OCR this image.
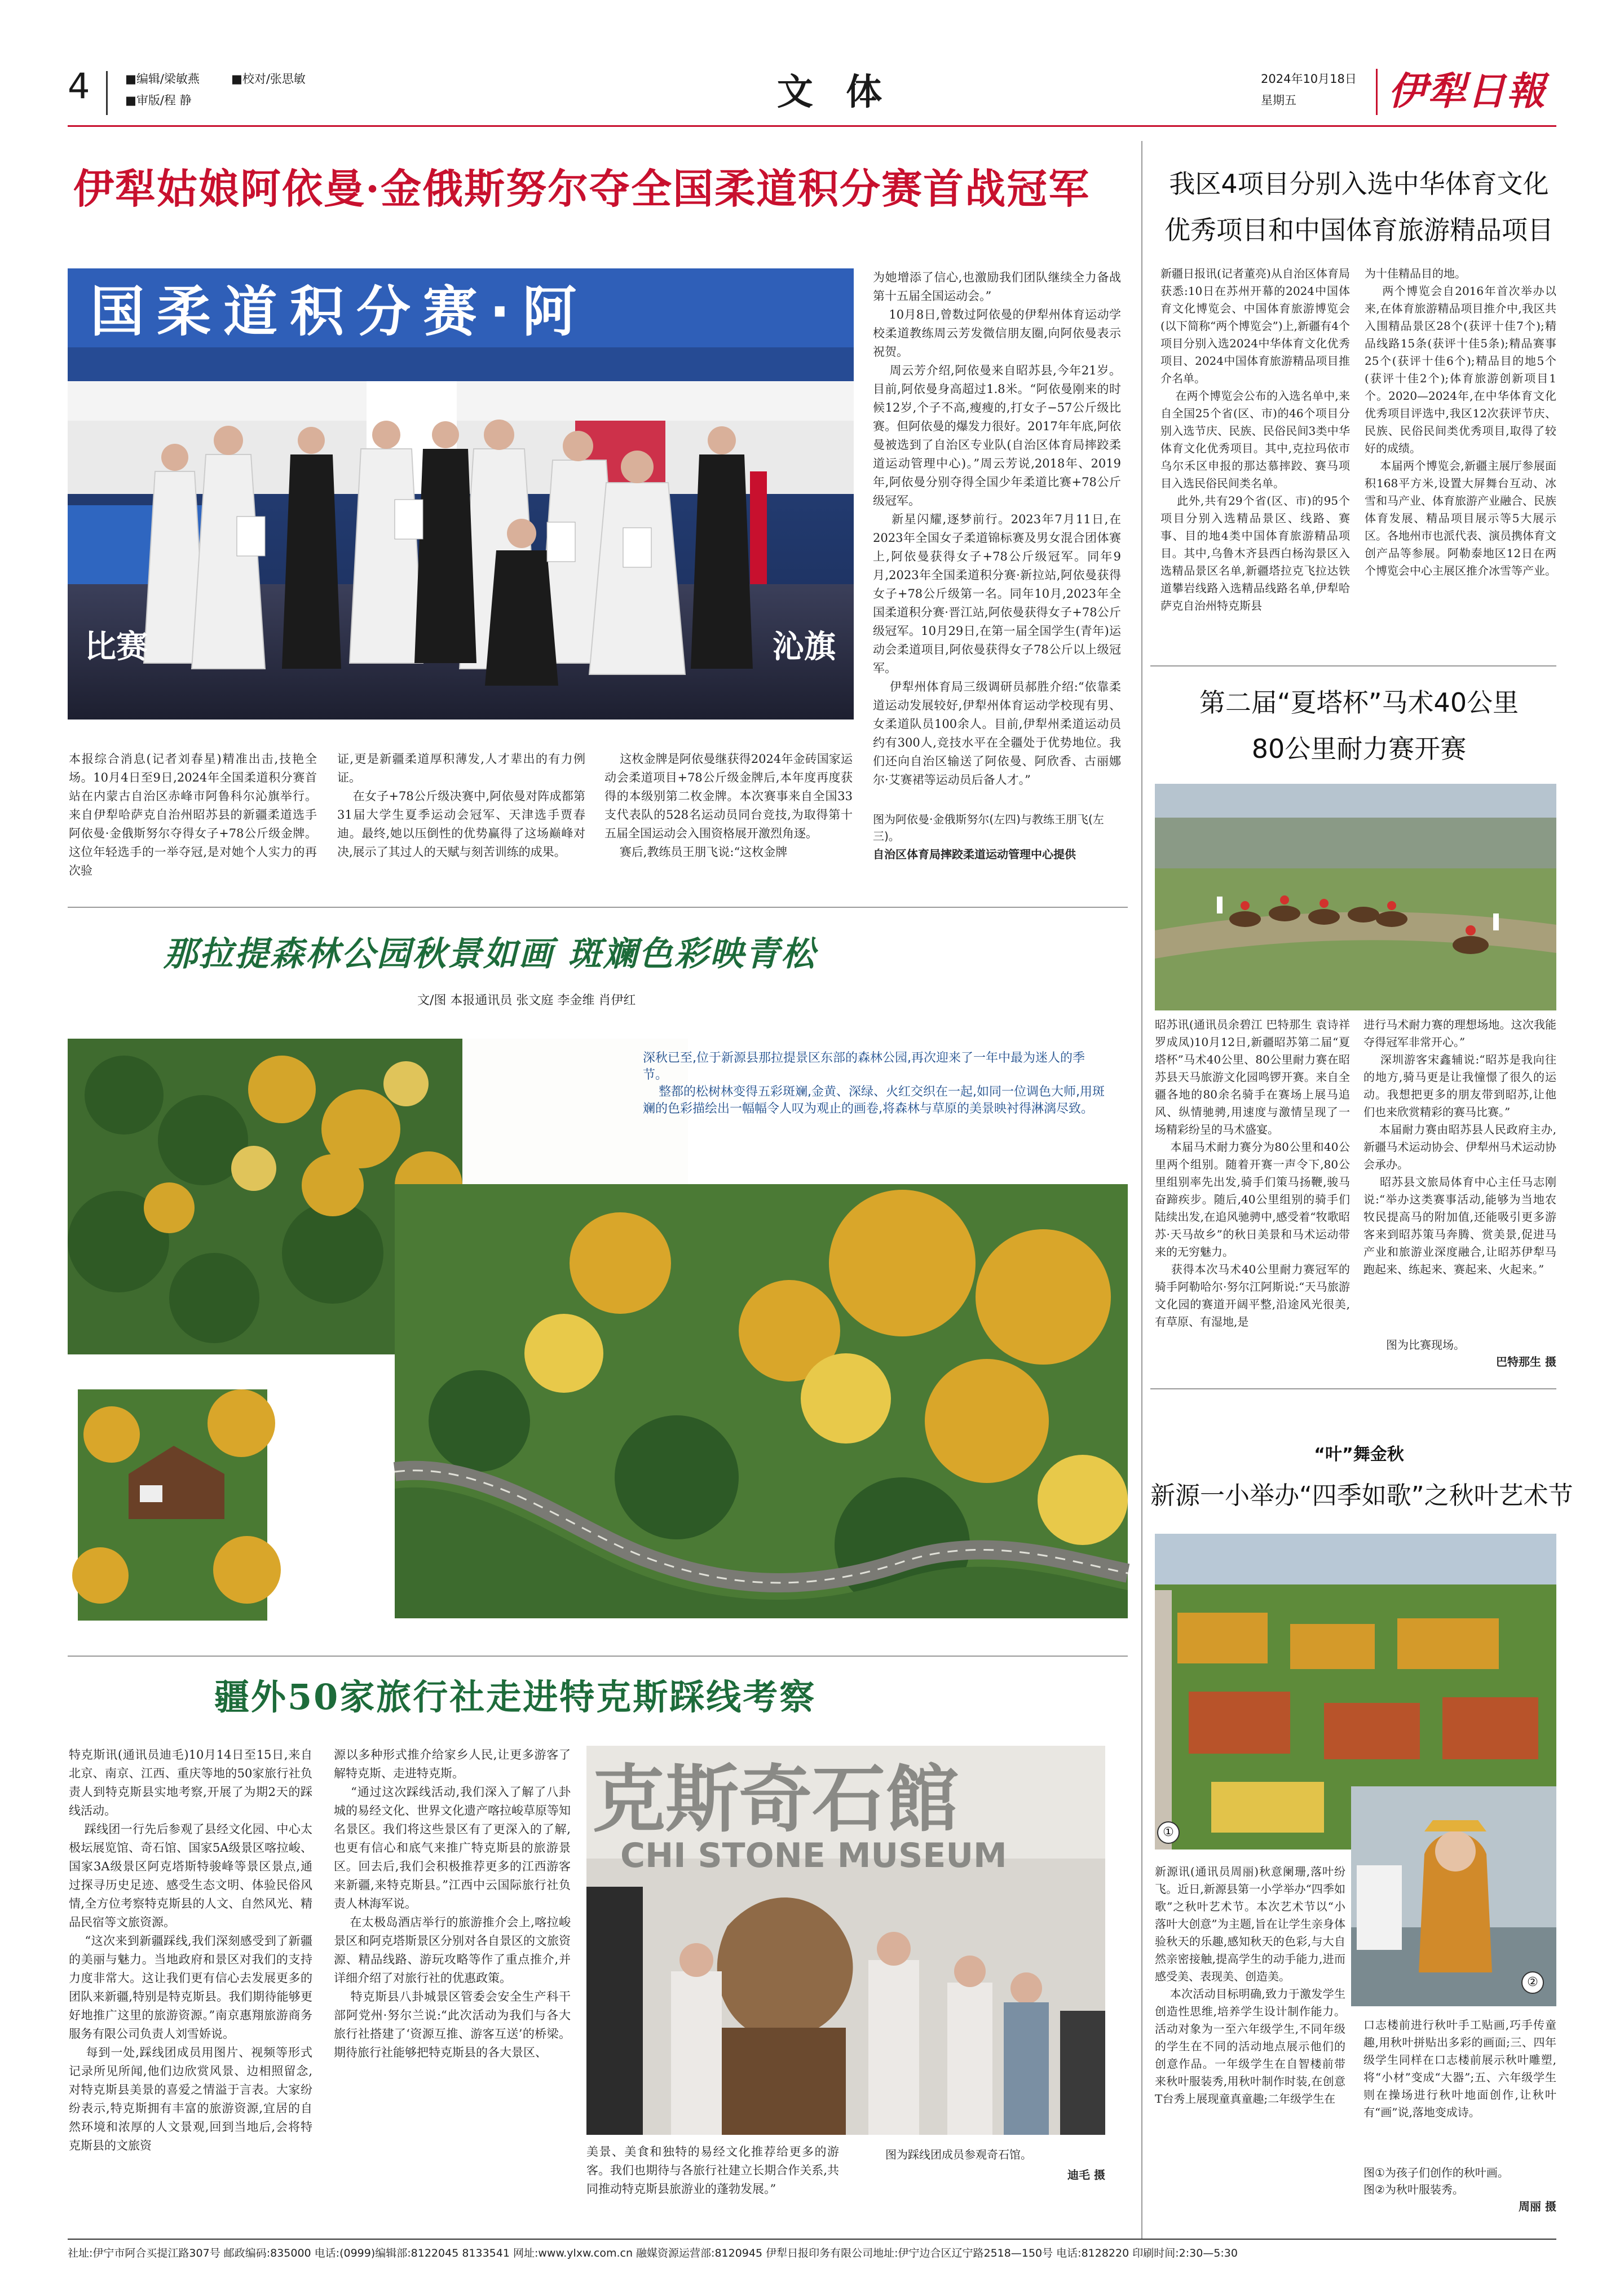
4	■编辑/梁敏燕
■审版/程 静
■校对/张思敏	文 体	2024年10月18日
星期五	伊犁日報
伊犁姑娘阿依曼·金俄斯努尔夺全国柔道积分赛首战冠军
国柔道积分赛·阿
比赛	沁旗
本报综合消息(记者刘春星)精准出击,技艳全场。10月4日至9日,2024年全国柔道积分赛首站在内蒙古自治区赤峰市阿鲁科尔沁旗举行。来自伊犁哈萨克自治州昭苏县的新疆柔道选手阿依曼·金俄斯努尔夺得女子+78公斤级金牌。这位年轻选手的一举夺冠,是对她个人实力的再次验
证,更是新疆柔道厚积薄发,人才辈出的有力例证。
在女子+78公斤级决赛中,阿依曼对阵成都第31届大学生夏季运动会冠军、天津选手贾春迪。最终,她以压倒性的优势赢得了这场巅峰对决,展示了其过人的天赋与刻苦训练的成果。
这枚金牌是阿依曼继获得2024年金砖国家运动会柔道项目+78公斤级金牌后,本年度再度获得的本级别第二枚金牌。本次赛事来自全国33支代表队的528名运动员同台竞技,为取得第十五届全国运动会入围资格展开激烈角逐。
赛后,教练员王朋飞说:“这枚金牌
为她增添了信心,也激励我们团队继续全力备战第十五届全国运动会。”
10月8日,曾数过阿依曼的伊犁州体育运动学校柔道教练周云芳发微信朋友圈,向阿依曼表示祝贺。
周云芳介绍,阿依曼来自昭苏县,今年21岁。目前,阿依曼身高超过1.8米。“阿依曼刚来的时候12岁,个子不高,瘦瘦的,打女子−57公斤级比赛。但阿依曼的爆发力很好。2017年年底,阿依曼被选到了自治区专业队(自治区体育局摔跤柔道运动管理中心)。”周云芳说,2018年、2019年,阿依曼分别夺得全国少年柔道比赛+78公斤级冠军。
新星闪耀,逐梦前行。2023年7月11日,在2023年全国女子柔道锦标赛及男女混合团体赛上,阿依曼获得女子+78公斤级冠军。同年9月,2023年全国柔道积分赛·新拉站,阿依曼获得女子+78公斤级第一名。同年10月,2023年全国柔道积分赛·晋江站,阿依曼获得女子+78公斤级冠军。10月29日,在第一届全国学生(青年)运动会柔道项目,阿依曼获得女子78公斤以上级冠军。
伊犁州体育局三级调研员郝胜介绍:“依靠柔道运动发展较好,伊犁州体育运动学校现有男、女柔道队员100余人。目前,伊犁州柔道运动员约有300人,竞技水平在全疆处于优势地位。我们还向自治区输送了阿依曼、阿欣香、古丽娜尔·艾赛裙等运动员后备人才。”
图为阿依曼·金俄斯努尔(左四)与教练王朋飞(左三)。
自治区体育局摔跤柔道运动管理中心提供
我区4项目分别入选中华体育文化
优秀项目和中国体育旅游精品项目
新疆日报讯(记者董亮)从自治区体育局获悉:10日在苏州开幕的2024中国体育文化博览会、中国体育旅游博览会(以下简称“两个博览会”)上,新疆有4个项目分别入选2024中华体育文化优秀项目、2024中国体育旅游精品项目推介名单。
在两个博览会公布的入选名单中,来自全国25个省(区、市)的46个项目分别入选节庆、民族、民俗民间3类中华体育文化优秀项目。其中,克拉玛依市乌尔禾区申报的那达慕摔跤、赛马项目入选民俗民间类名单。
此外,共有29个省(区、市)的95个项目分别入选精品景区、线路、赛事、目的地4类中国体育旅游精品项目。其中,乌鲁木齐县西白杨沟景区入选精品景区名单,新疆塔拉克飞拉达铁道攀岩线路入选精品线路名单,伊犁哈萨克自治州特克斯县
为十佳精品目的地。
两个博览会自2016年首次举办以来,在体育旅游精品项目推介中,我区共入围精品景区28个(获评十佳7个);精品线路15条(获评十佳5条);精品赛事25个(获评十佳6个);精品目的地5个(获评十佳2个);体育旅游创新项目1个。2020—2024年,在中华体育文化优秀项目评选中,我区12次获评节庆、民族、民俗民间类优秀项目,取得了较好的成绩。
本届两个博览会,新疆主展厅参展面积168平方米,设置大屏舞台互动、冰雪和马产业、体育旅游产业融合、民族体育发展、精品项目展示等5大展示区。各地州市也派代表、演员携体育文创产品等参展。阿勒泰地区12日在两个博览会中心主展区推介冰雪等产业。
第二届“夏塔杯”马术40公里
80公里耐力赛开赛
昭苏讯(通讯员余碧江 巴特那生 袁诗祥 罗成凤)10月12日,新疆昭苏第二届“夏塔杯”马术40公里、80公里耐力赛在昭苏县天马旅游文化园鸣锣开赛。来自全疆各地的80余名骑手在赛场上展马追风、纵情驰骋,用速度与激情呈现了一场精彩纷呈的马术盛宴。
本届马术耐力赛分为80公里和40公里两个组别。随着开赛一声令下,80公里组别率先出发,骑手们策马扬鞭,骏马奋蹄疾步。随后,40公里组别的骑手们陆续出发,在追风驰骋中,感受着“牧歌昭苏·天马故乡”的秋日美景和马术运动带来的无穷魅力。
获得本次马术40公里耐力赛冠军的骑手阿勒哈尔·努尔江阿斯说:“天马旅游文化园的赛道开阔平整,沿途风光很美,有草原、有湿地,是
进行马术耐力赛的理想场地。这次我能夺得冠军非常开心。”
深圳游客宋鑫辅说:“昭苏是我向往的地方,骑马更是让我憧憬了很久的运动。我想把更多的朋友带到昭苏,让他们也来欣赏精彩的赛马比赛。”
本届耐力赛由昭苏县人民政府主办,新疆马术运动协会、伊犁州马术运动协会承办。
昭苏县文旅局体育中心主任马志刚说:“举办这类赛事活动,能够为当地农牧民提高马的附加值,还能吸引更多游客来到昭苏策马奔腾、赏美景,促进马产业和旅游业深度融合,让昭苏伊犁马跑起来、练起来、赛起来、火起来。”
图为比赛现场。
巴特那生 摄
那拉提森林公园秋景如画 斑斓色彩映青松
文/图 本报通讯员 张文庭 李金维 肖伊红
深秋已至,位于新源县那拉提景区东部的森林公园,再次迎来了一年中最为迷人的季节。
整都的松树林变得五彩斑斓,金黄、深绿、火红交织在一起,如同一位调色大师,用斑斓的色彩描绘出一幅幅令人叹为观止的画卷,将森林与草原的美景映衬得淋漓尽致。
疆外50家旅行社走进特克斯踩线考察
特克斯讯(通讯员迪毛)10月14日至15日,来自北京、南京、江西、重庆等地的50家旅行社负责人到特克斯县实地考察,开展了为期2天的踩线活动。
踩线团一行先后参观了县经文化园、中心太极坛展览馆、奇石馆、国家5A级景区喀拉峻、国家3A级景区阿克塔斯特骏峰等景区景点,通过探寻历史足迹、感受生态文明、体验民俗风情,全方位考察特克斯县的人文、自然风光、精品民宿等文旅资源。
“这次来到新疆踩线,我们深刻感受到了新疆的美丽与魅力。当地政府和景区对我们的支持力度非常大。这让我们更有信心去发展更多的团队来新疆,特别是特克斯县。我们期待能够更好地推广这里的旅游资源。”南京惠翔旅游商务服务有限公司负责人刘雪娇说。
每到一处,踩线团成员用图片、视频等形式记录所见所闻,他们边欣赏风景、边相照留念,对特克斯县美景的喜爱之情溢于言表。大家纷纷表示,特克斯拥有丰富的旅游资源,宜居的自然环境和浓厚的人文景观,回到当地后,会将特克斯县的文旅资
源以多种形式推介给家乡人民,让更多游客了解特克斯、走进特克斯。
“通过这次踩线活动,我们深入了解了八卦城的易经文化、世界文化遗产喀拉峻草原等知名景区。我们将这些景区有了更深入的了解,也更有信心和底气来推广特克斯县的旅游景区。回去后,我们会积极推荐更多的江西游客来新疆,来特克斯县。”江西中云国际旅行社负责人林海军说。
在太极岛酒店举行的旅游推介会上,喀拉峻景区和阿克塔斯景区分别对各自景区的文旅资源、精品线路、游玩攻略等作了重点推介,并详细介绍了对旅行社的优惠政策。
特克斯县八卦城景区管委会安全生产科干部阿党州·努尔兰说:“此次活动为我们与各大旅行社搭建了‘资源互推、游客互送’的桥梁。期待旅行社能够把特克斯县的各大景区、
克斯奇石館
CHI STONE MUSEUM
美景、美食和独特的易经文化推荐给更多的游客。我们也期待与各旅行社建立长期合作关系,共同推动特克斯县旅游业的蓬勃发展。”
图为踩线团成员参观奇石馆。
迪毛 摄
“叶”舞金秋
新源一小举办“四季如歌”之秋叶艺术节
①
②
新源讯(通讯员周丽)秋意阑珊,落叶纷飞。近日,新源县第一小学举办“四季如歌”之秋叶艺术节。本次艺术节以“小落叶大创意”为主题,旨在让学生亲身体验秋天的乐趣,感知秋天的色彩,与大自然亲密接触,提高学生的动手能力,进而感受美、表现美、创造美。
本次活动目标明确,致力于激发学生创造性思维,培养学生设计制作能力。活动对象为一至六年级学生,不同年级的学生在不同的活动地点展示他们的创意作品。一年级学生在自智楼前带来秋叶服装秀,用秋叶制作时装,在创意T台秀上展现童真童趣;二年级学生在
口志楼前进行秋叶手工贴画,巧手传童趣,用秋叶拼贴出多彩的画面;三、四年级学生同样在口志楼前展示秋叶雕塑,将“小材”变成“大器”;五、六年级学生则在操场进行秋叶地面创作,让秋叶有“画”说,落地变成诗。
图①为孩子们创作的秋叶画。
图②为秋叶服装秀。
周丽 摄
社址:伊宁市阿合买提江路307号 邮政编码:835000 电话:(0999)编辑部:8122045 8133541 网址:www.ylxw.com.cn 融媒资源运营部:8120945 伊犁日报印务有限公司地址:伊宁边合区辽宁路2518—150号 电话:8128220 印刷时间:2:30—5:30
